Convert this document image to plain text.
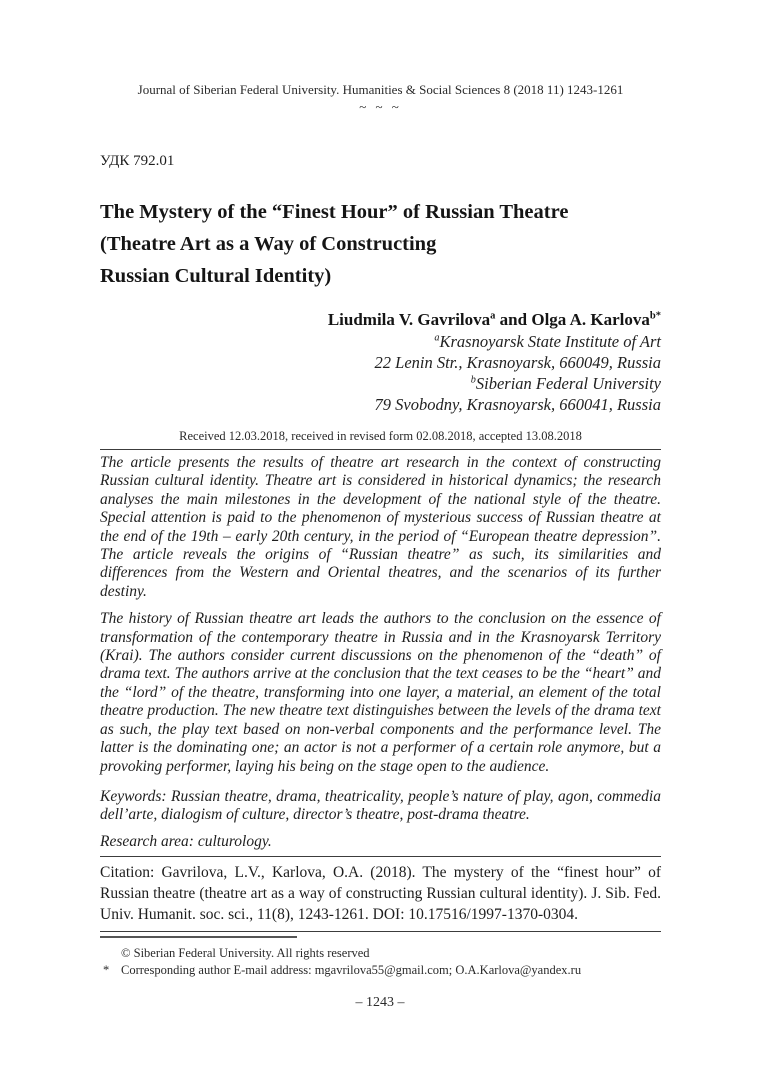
Journal of Siberian Federal University. Humanities & Social Sciences 8 (2018 11) 1243-1261
~ ~ ~
УДК 792.01
The Mystery of the “Finest Hour” of Russian Theatre
(Theatre Art as a Way of Constructing
Russian Cultural Identity)
Liudmila V. Gavrilova$^a$ and Olga A. Karlova$^{b*}$
$^a$Krasnoyarsk State Institute of Art
22 Lenin Str., Krasnoyarsk, 660049, Russia
$^b$Siberian Federal University
79 Svobodny, Krasnoyarsk, 660041, Russia
Received 12.03.2018, received in revised form 02.08.2018, accepted 13.08.2018

The article presents the results of theatre art research in the context of constructing Russian cultural identity. Theatre art is considered in historical dynamics; the research analyses the main milestones in the development of the national style of the theatre. Special attention is paid to the phenomenon of mysterious success of Russian theatre at the end of the 19th – early 20th century, in the period of “European theatre depression”. The article reveals the origins of “Russian theatre” as such, its similarities and differences from the Western and Oriental theatres, and the scenarios of its further destiny.

The history of Russian theatre art leads the authors to the conclusion on the essence of transformation of the contemporary theatre in Russia and in the Krasnoyarsk Territory (Krai). The authors consider current discussions on the phenomenon of the “death” of drama text. The authors arrive at the conclusion that the text ceases to be the “heart” and the “lord” of the theatre, transforming into one layer, a material, an element of the total theatre production. The new theatre text distinguishes between the levels of the drama text as such, the play text based on non-verbal components and the performance level. The latter is the dominating one; an actor is not a performer of a certain role anymore, but a provoking performer, laying his being on the stage open to the audience.

Keywords: Russian theatre, drama, theatricality, people’s nature of play, agon, commedia dell’arte, dialogism of culture, director’s theatre, post-drama theatre.

Research area: culturology.

Citation: Gavrilova, L.V., Karlova, O.A. (2018). The mystery of the “finest hour” of Russian theatre (theatre art as a way of constructing Russian cultural identity). J. Sib. Fed. Univ. Humanit. soc. sci., 11(8), 1243-1261. DOI: 10.17516/1997-1370-0304.

© Siberian Federal University. All rights reserved
* Corresponding author E-mail address: mgavrilova55@gmail.com; O.A.Karlova@yandex.ru
– 1243 –
